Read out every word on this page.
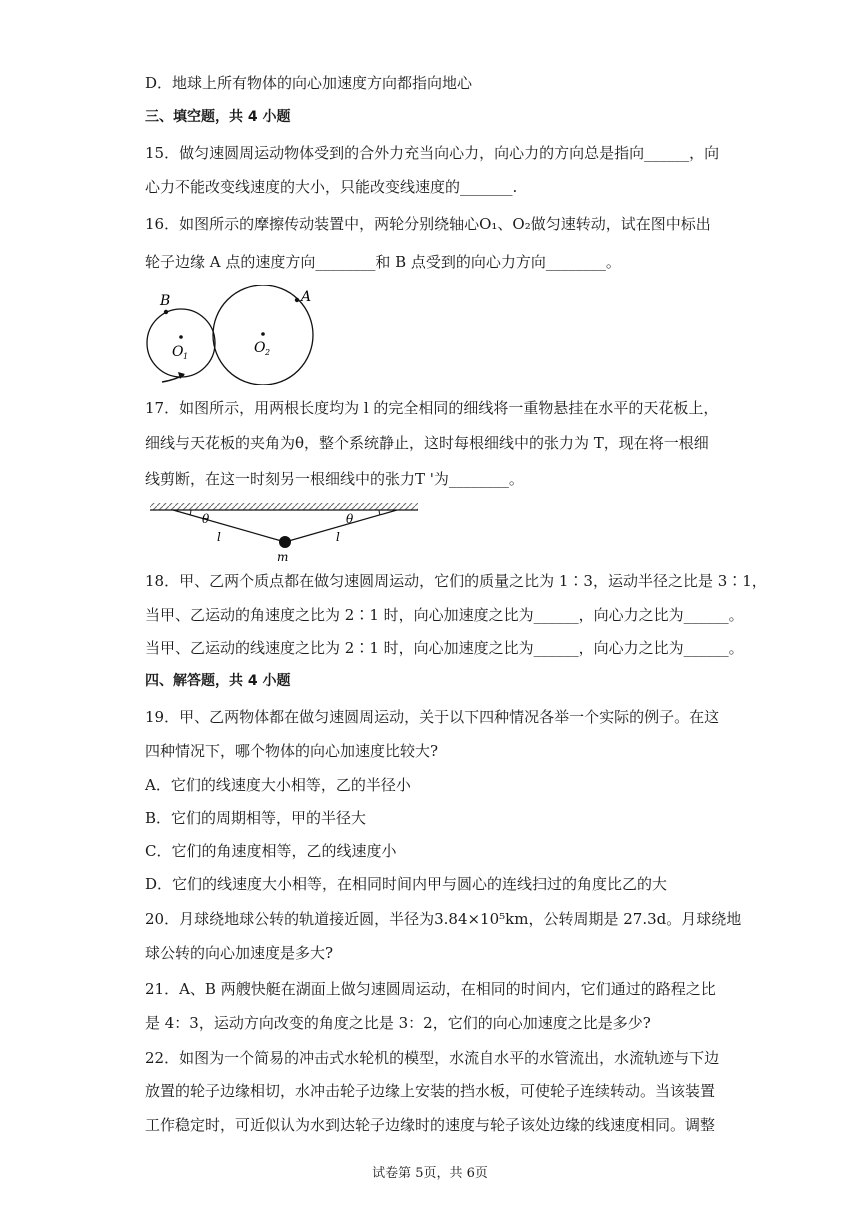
D．地球上所有物体的向心加速度方向都指向地心
三、填空题，共 4 小题
15．做匀速圆周运动物体受到的合外力充当向心力，向心力的方向总是指向______，向
心力不能改变线速度的大小，只能改变线速度的_______.
16．如图所示的摩擦传动装置中，两轮分别绕轴心O₁、O₂做匀速转动，试在图中标出
轮子边缘 A 点的速度方向________和 B 点受到的向心力方向________。
B	A
O 1
O 2
17．如图所示，用两根长度均为 l 的完全相同的细线将一重物悬挂在水平的天花板上，
细线与天花板的夹角为θ，整个系统静止，这时每根细线中的张力为 T，现在将一根细
线剪断，在这一时刻另一根细线中的张力T '为________。
θ	θ
l	l
m
18．甲、乙两个质点都在做匀速圆周运动，它们的质量之比为 1∶3，运动半径之比是 3∶1，
当甲、乙运动的角速度之比为 2∶1 时，向心加速度之比为______，向心力之比为______。
当甲、乙运动的线速度之比为 2∶1 时，向心加速度之比为______，向心力之比为______。
四、解答题，共 4 小题
19．甲、乙两物体都在做匀速圆周运动，关于以下四种情况各举一个实际的例子。在这
四种情况下，哪个物体的向心加速度比较大?
A．它们的线速度大小相等，乙的半径小
B．它们的周期相等，甲的半径大
C．它们的角速度相等，乙的线速度小
D．它们的线速度大小相等，在相同时间内甲与圆心的连线扫过的角度比乙的大
20．月球绕地球公转的轨道接近圆，半径为3.84×10⁵km，公转周期是 27.3d。月球绕地
球公转的向心加速度是多大?
21．A、B 两艘快艇在湖面上做匀速圆周运动，在相同的时间内，它们通过的路程之比
是 4：3，运动方向改变的角度之比是 3：2，它们的向心加速度之比是多少?
22．如图为一个简易的冲击式水轮机的模型，水流自水平的水管流出，水流轨迹与下边
放置的轮子边缘相切，水冲击轮子边缘上安装的挡水板，可使轮子连续转动。当该装置
工作稳定时，可近似认为水到达轮子边缘时的速度与轮子该处边缘的线速度相同。调整
试卷第 5页，共 6页
